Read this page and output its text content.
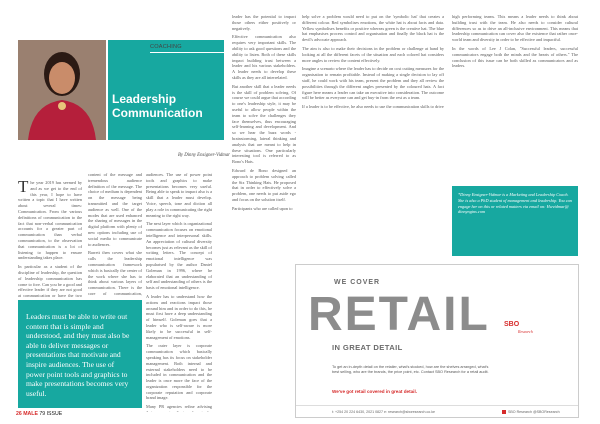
COACHING
Leadership
Communication
By Dinny Ensigner-Vidmar

The year 2019 has seemed by and as we get to the end of this year, I hope to have written a topic that I have written about several times: Communication. From the various definitions of communication to the fact that non-verbal communication accounts for a greater part of communication than verbal communication, to the observation that communication is a lot of listening to happen to ensure understanding takes place.

In particular as a student of the discipline of leadership, the question of leadership communication has come to fore. Can you be a good and effective leader if they are not good at communication or have the two

content of the message and tremendous audience definition of the message. The choice of medium is dependent on the message being transmitted and the target audience as well. One of the modes that are used enhanced the sharing of messages in the digital platform with plenty of new options including use of social media to communicate to audiences.

Barrett then covers what she calls the leadership communication framework which is basically the center of the work where she has to think about various layers of communication. There is the core of communication,

audiences. The use of power point tools and graphics to make presentations becomes very useful. Being able to speak to impact also is a skill that a leader must develop. Voice, speech, tone and diction all play a role in communicating the right meaning to the right way.

The next layer which is organizational communication focuses on emotional intelligence and interpersonal skills. An appreciation of cultural diversity becomes just as relevant as the skill of writing letters. The concept of emotional intelligence was popularised by the author Daniel Goleman in 1996, where he elaborated that an understanding of self and understanding of others is the basis of emotional intelligence.

A leader has to understand how the actions and reactions impact those around him and in order to do this, he must first have a deep understanding of himself. Goleman goes that a leader who is self-aware is more likely to be successful in self-management of emotions.

The outer layer is corporate communication which basically speaking has its focus on stakeholder management. Both internal and external stakeholders need to be included in communication and the leader is once more the face of the organization responsible for the corporate reputation and corporate brand image.

Many PR agencies refine advising

leader has the potential to impact those others either positively or negatively.

Effective communication also requires very important skills. The ability to ask good questions and the ability to listen. Both of these skills impact building trust between a leader and his various stakeholders. A leader needs to develop these skills as they are all interrelated.

But another skill that a leader needs is the skill of problem solving. Of course we could argue that according to one's leadership style, it may be useful to allow people within the team to solve the challenges they face themselves, thus encouraging self-learning and development. And so we hear the buzz words - brainstorming, lateral thinking and analysis that are meant to help in these situations. One particularly interesting tool is referred to as Bono's Hats.

Edward de Bono designed an approach to problem solving called the Six Thinking Hats. He proposed that in order to effectively solve a problem, one needs to put aside ego and focus on the solution itself.

Participants who are called upon to

help solve a problem would need to put on the 'symbolic hat' that creates a different colour. Red symbolises emotions, the white hat is about facts and data. Yellow symbolises benefits or positive whereas green is the creative hat. The blue hat emphasises process control and organisation and finally the black hat is the devil's advocate approach.

The aim is also to make their decisions in the problem or challenge at hand by looking at all the different facets of the situation and each colored hat considers more angles to review the content effectively.

Imagine a scenario where the leader has to decide on cost cutting measures for the organisation to remain profitable. Instead of making a single decision to lay off staff, he could work with his team, present the problem and they all review the possibilities through the different angles presented by the coloured hats. A fact figure here means a leader can take an executive into consideration. The outcome will be better as everyone can and get buy-in from the rest as a team.

If a leader is to be effective, he also needs to use the communication skills to drive

high performing teams. This means a leader needs to think about building trust with the team. He also needs to consider cultural differences so as to drive an all-inclusive environment. This means that leadership communication can cover also the existence that rather once-world team and diversity in order to be effective and impactful.

In the words of Lee J Colan, "Successful leaders, successful communicators engage both the minds and the hearts of others." The conclusion of this issue can be both skilled as communicators and as leaders.

*Dinny Ensigner-Vidmar is a Marketing and Leadership Coach. She is also a PhD student of management and leadership. You can engage her on this or related matters via email on: Hwvidmar@ dinnyngins.com
Leaders must be able to write out content that is simple and understood, and they must also be able to deliver messages or presentations that motivate and inspire audiences. The use of power point tools and graphics to make presentations becomes very useful.
26 MALE 79 ISSUE
WE COVER
RETAIL SBO
Research
IN GREAT DETAIL
To get an in-depth detail on the retailer, what's stocked, how are the shelves arranged, what's best selling, who are the brands, the price point, etc. Contact SBO Research for a retail audit.
We've got retail covered in great detail.
t: +254 20 224 6430, 2021 0827 e: research@sboresearch.co.ke	SBO Research @SBOResearch
